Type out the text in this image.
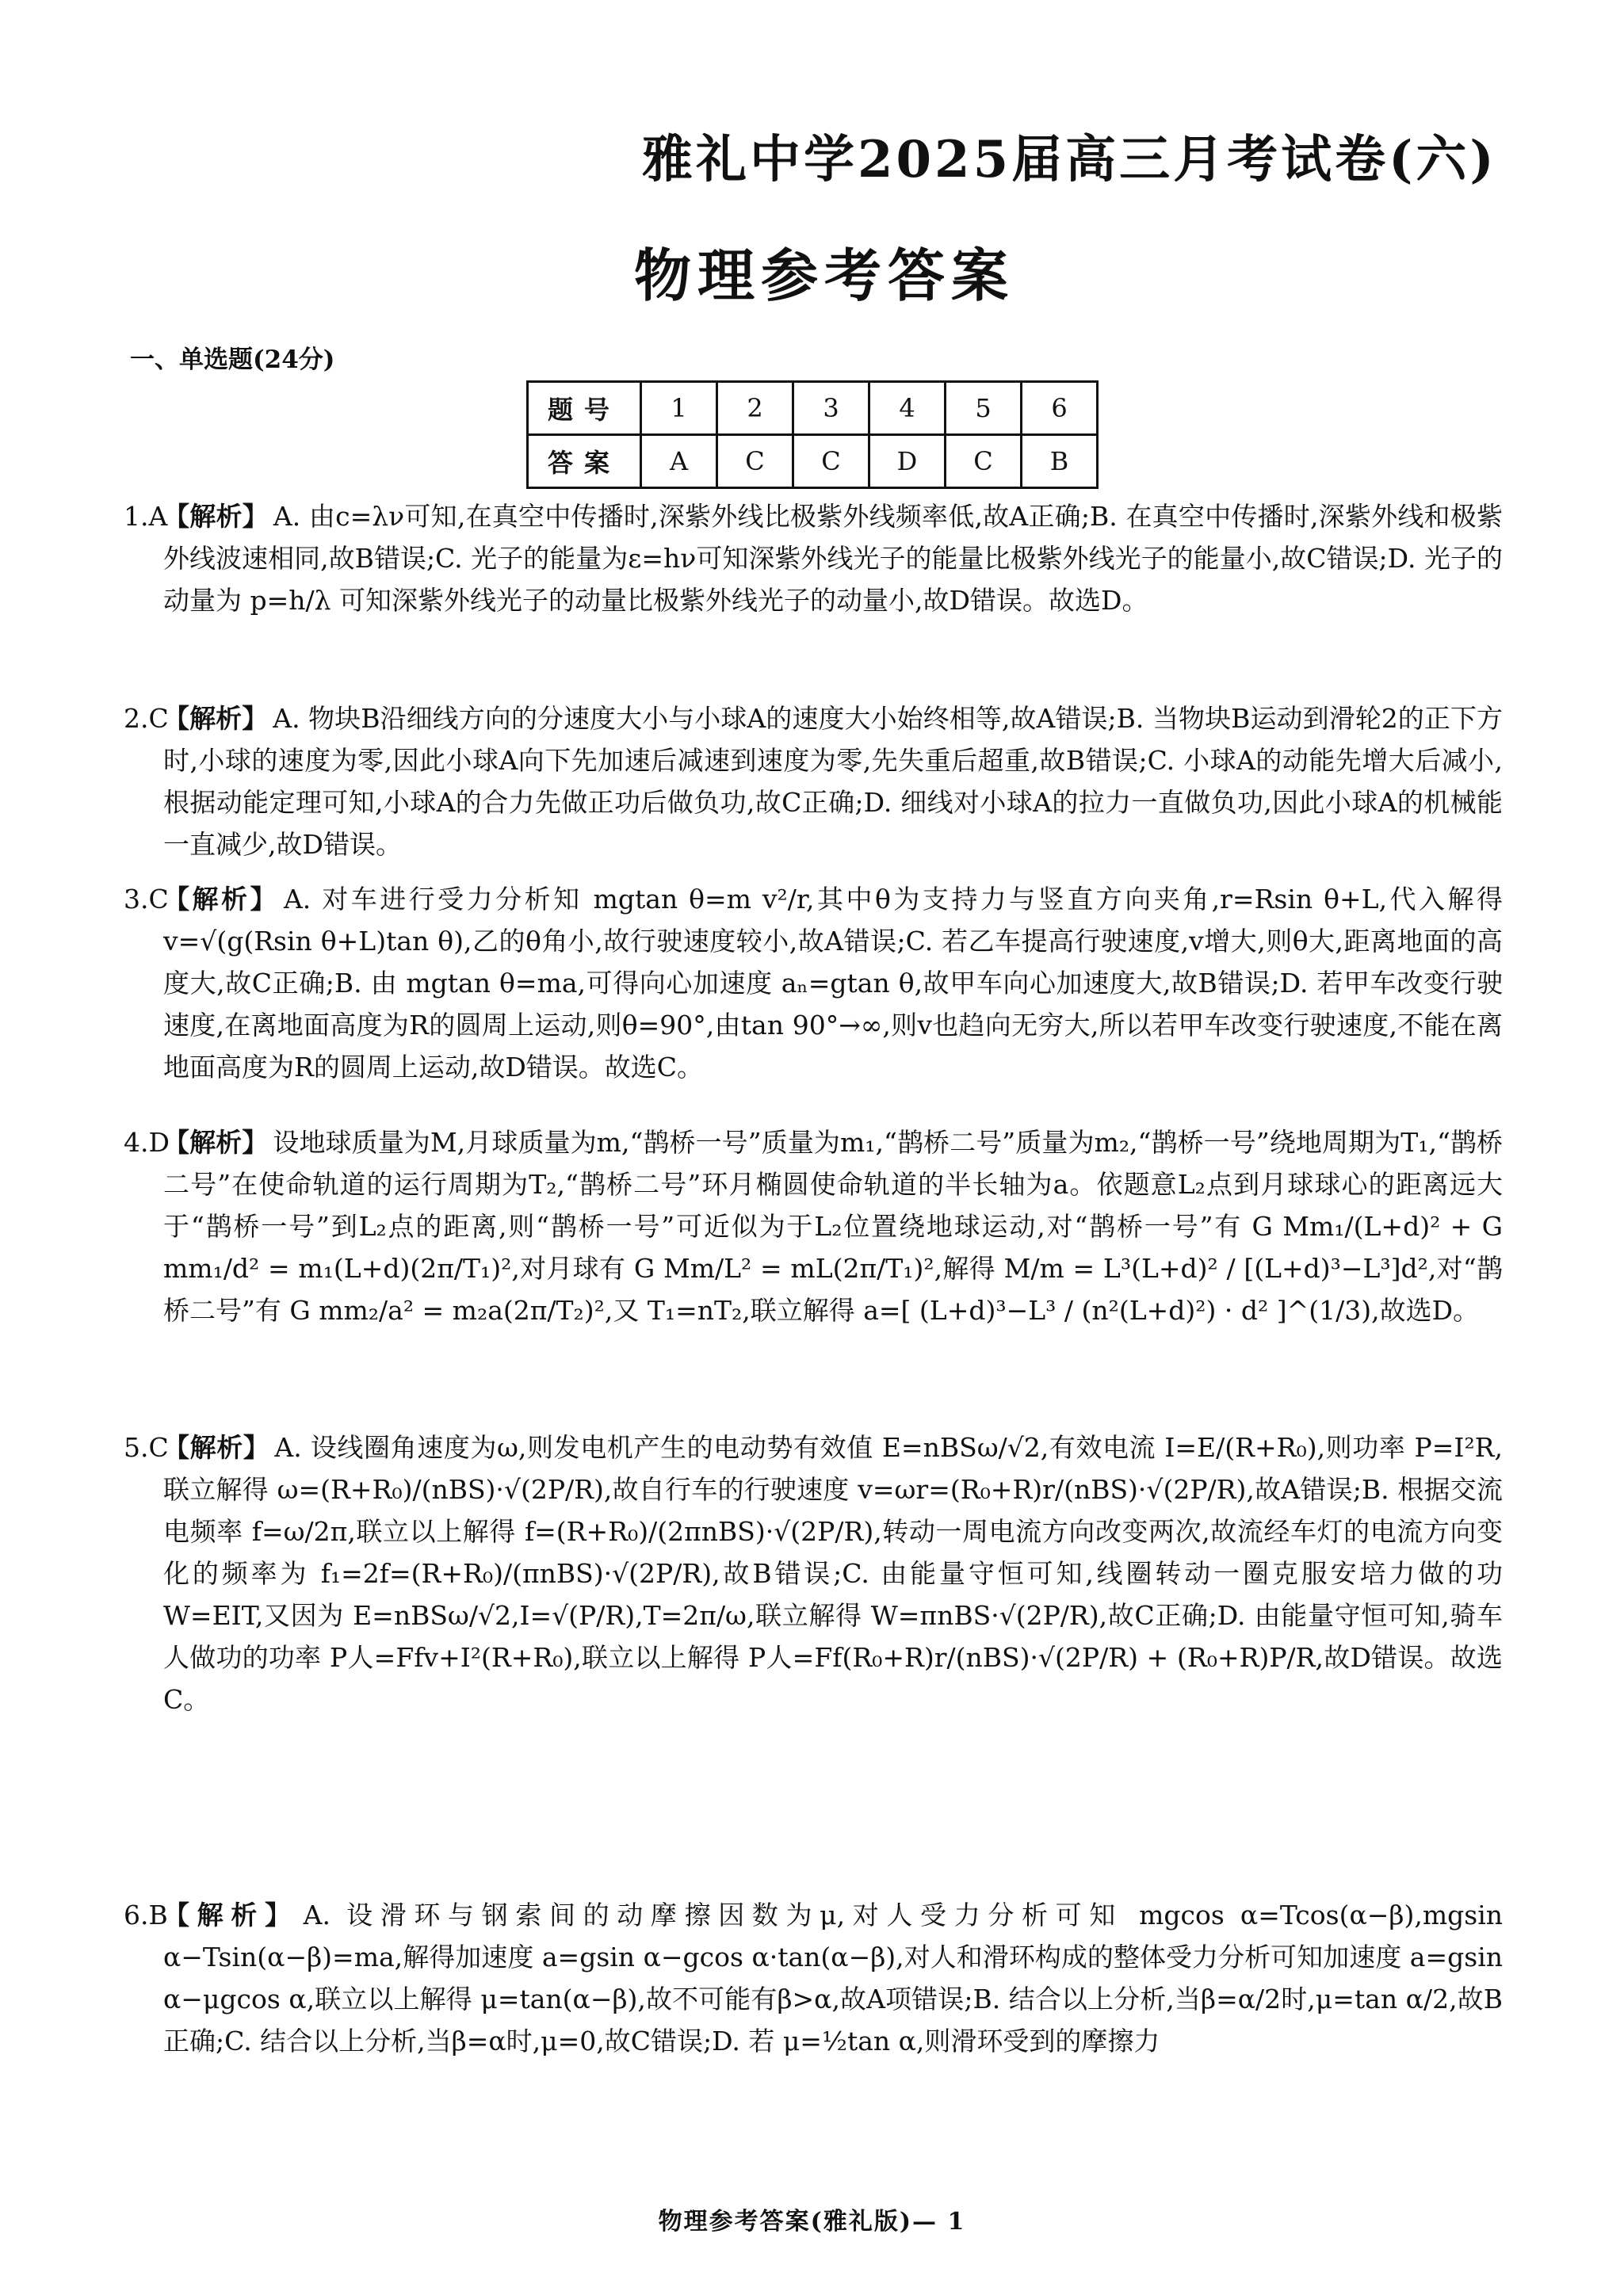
雅礼中学2025届高三月考试卷(六)
物理参考答案
一、单选题(24分)
题号	1	2	3	4	5	6
答案	A	C	C	D	C	B
1.A
【解析】 A. 由c=λν可知,在真空中传播时,深紫外线比极紫外线频率低,故A正确;B. 在真空中传播时,深紫外线和极紫外线波速相同,故B错误;C. 光子的能量为ε=hν可知深紫外线光子的能量比极紫外线光子的能量小,故C错误;D. 光子的动量为 p=h/λ 可知深紫外线光子的动量比极紫外线光子的动量小,故D错误。故选D。
2.C
【解析】 A. 物块B沿细线方向的分速度大小与小球A的速度大小始终相等,故A错误;B. 当物块B运动到滑轮2的正下方时,小球的速度为零,因此小球A向下先加速后减速到速度为零,先失重后超重,故B错误;C. 小球A的动能先增大后减小,根据动能定理可知,小球A的合力先做正功后做负功,故C正确;D. 细线对小球A的拉力一直做负功,因此小球A的机械能一直减少,故D错误。
3.C
【解析】 A. 对车进行受力分析知 mgtan θ=m v²/r,其中θ为支持力与竖直方向夹角,r=Rsin θ+L,代入解得 v=√(g(Rsin θ+L)tan θ),乙的θ角小,故行驶速度较小,故A错误;C. 若乙车提高行驶速度,v增大,则θ大,距离地面的高度大,故C正确;B. 由 mgtan θ=ma,可得向心加速度 aₙ=gtan θ,故甲车向心加速度大,故B错误;D. 若甲车改变行驶速度,在离地面高度为R的圆周上运动,则θ=90°,由tan 90°→∞,则v也趋向无穷大,所以若甲车改变行驶速度,不能在离地面高度为R的圆周上运动,故D错误。故选C。
4.D
【解析】 设地球质量为M,月球质量为m,“鹊桥一号”质量为m₁,“鹊桥二号”质量为m₂,“鹊桥一号”绕地周期为T₁,“鹊桥二号”在使命轨道的运行周期为T₂,“鹊桥二号”环月椭圆使命轨道的半长轴为a。依题意L₂点到月球球心的距离远大于“鹊桥一号”到L₂点的距离,则“鹊桥一号”可近似为于L₂位置绕地球运动,对“鹊桥一号”有 G Mm₁/(L+d)² + G mm₁/d² = m₁(L+d)(2π/T₁)²,对月球有 G Mm/L² = mL(2π/T₁)²,解得 M/m = L³(L+d)² / [(L+d)³−L³]d²,对“鹊桥二号”有 G mm₂/a² = m₂a(2π/T₂)²,又 T₁=nT₂,联立解得 a=[ (L+d)³−L³ / (n²(L+d)²) · d² ]^(1/3),故选D。
5.C
【解析】 A. 设线圈角速度为ω,则发电机产生的电动势有效值 E=nBSω/√2,有效电流 I=E/(R+R₀),则功率 P=I²R,联立解得 ω=(R+R₀)/(nBS)·√(2P/R),故自行车的行驶速度 v=ωr=(R₀+R)r/(nBS)·√(2P/R),故A错误;B. 根据交流电频率 f=ω/2π,联立以上解得 f=(R+R₀)/(2πnBS)·√(2P/R),转动一周电流方向改变两次,故流经车灯的电流方向变化的频率为 f₁=2f=(R+R₀)/(πnBS)·√(2P/R),故B错误;C. 由能量守恒可知,线圈转动一圈克服安培力做的功 W=EIT,又因为 E=nBSω/√2,I=√(P/R),T=2π/ω,联立解得 W=πnBS·√(2P/R),故C正确;D. 由能量守恒可知,骑车人做功的功率 P人=Ffv+I²(R+R₀),联立以上解得 P人=Ff(R₀+R)r/(nBS)·√(2P/R) + (R₀+R)P/R,故D错误。故选C。
6.B
【解析】 A. 设滑环与钢索间的动摩擦因数为μ,对人受力分析可知 mgcos α=Tcos(α−β),mgsin α−Tsin(α−β)=ma,解得加速度 a=gsin α−gcos α·tan(α−β),对人和滑环构成的整体受力分析可知加速度 a=gsin α−μgcos α,联立以上解得 μ=tan(α−β),故不可能有β>α,故A项错误;B. 结合以上分析,当β=α/2时,μ=tan α/2,故B正确;C. 结合以上分析,当β=α时,μ=0,故C错误;D. 若 μ=½tan α,则滑环受到的摩擦力
物理参考答案(雅礼版)— 1
